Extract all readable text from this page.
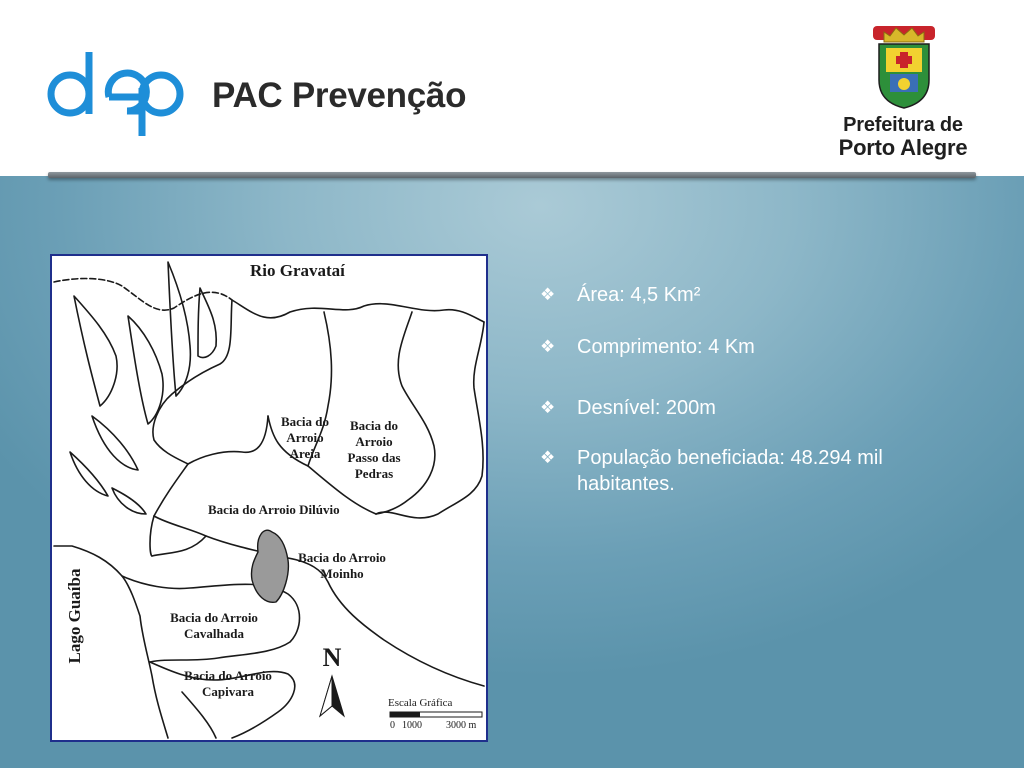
dep
PAC Prevenção
Prefeitura de
Porto Alegre
Rio Gravataí
Bacia do
Arroio
Areia
Bacia do
Arroio
Passo das
Pedras
Bacia do Arroio Dilúvio
Bacia do Arroio
Moinho
Bacia do Arroio
Cavalhada
Bacia do Arroio
Capivara
Lago Guaíba	N
Escala Gráfica
0 1000 3000 m
❖ Área: 4,5 Km²
❖ Comprimento: 4 Km
❖ Desnível: 200m
❖ População beneficiada: 48.294 mil habitantes.
